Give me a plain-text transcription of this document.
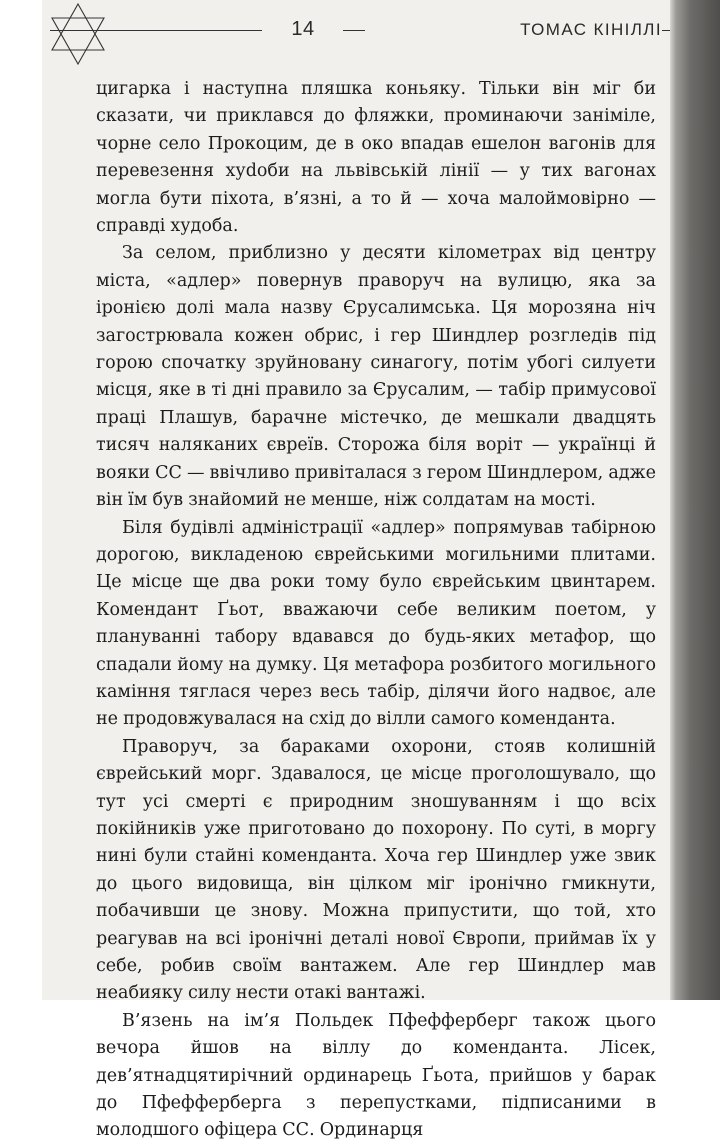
14	ТОМАС КІНІЛЛІ

цигарка і наступна пляшка коньяку. Тільки він міг би сказати, чи приклався до фляжки, проминаючи заніміле, чорне село Прокоцим, де в око впадав ешелон вагонів для перевезення хуdоби на львівській лінії — у тих вагонах могла бути піхота, в’язні, а то й — хоча малоймовірно — справді худоба.

За селом, приблизно у десяти кілометрах від центру міста, «адлер» повернув праворуч на вулицю, яка за іронією долі мала назву Єрусалимська. Ця морозяна ніч загострювала кожен обрис, і гер Шиндлер розгледів під горою спочатку зруйновану синагогу, потім убогі силуети місця, яке в ті дні правило за Єрусалим, — табір примусової праці Плашув, барачне містечко, де мешкали двадцять тисяч наляканих євреїв. Сторожа біля воріт — українці й вояки СС — ввічливо привіталася з гером Шиндлером, адже він їм був знайомий не менше, ніж солдатам на мості.

Біля будівлі адміністрації «адлер» попрямував табірною дорогою, викладеною єврейськими могильними плитами. Це місце ще два роки тому було єврейським цвинтарем. Комендант Ґьот, вважаючи себе великим поетом, у плануванні табору вдавався до будь-яких метафор, що спадали йому на думку. Ця метафора розбитого могильного каміння тяглася через весь табір, ділячи його надвоє, але не продовжувалася на схід до вілли самого коменданта.

Праворуч, за бараками охорони, стояв колишній єврейський морг. Здавалося, це місце проголошувало, що тут усі смерті є природним зношуванням і що всіх покійників уже приготовано до похорону. По суті, в моргу нині були стайні коменданта. Хоча гер Шиндлер уже звик до цього видовища, він цілком міг іронічно гмикнути, побачивши це знову. Можна припустити, що той, хто реагував на всі іронічні деталі нової Європи, приймав їх у себе, робив своїм вантажем. Але гер Шиндлер мав неабияку силу нести отакі вантажі.

В’язень на ім’я Польдек Пфефферберг також цього вечора йшов на віллу до коменданта. Лісек, дев’ятнадцятирічний ординарець Ґьота, прийшов у барак до Пфефферберга з перепустками, підписаними в молодшого офіцера СС. Ординарця
